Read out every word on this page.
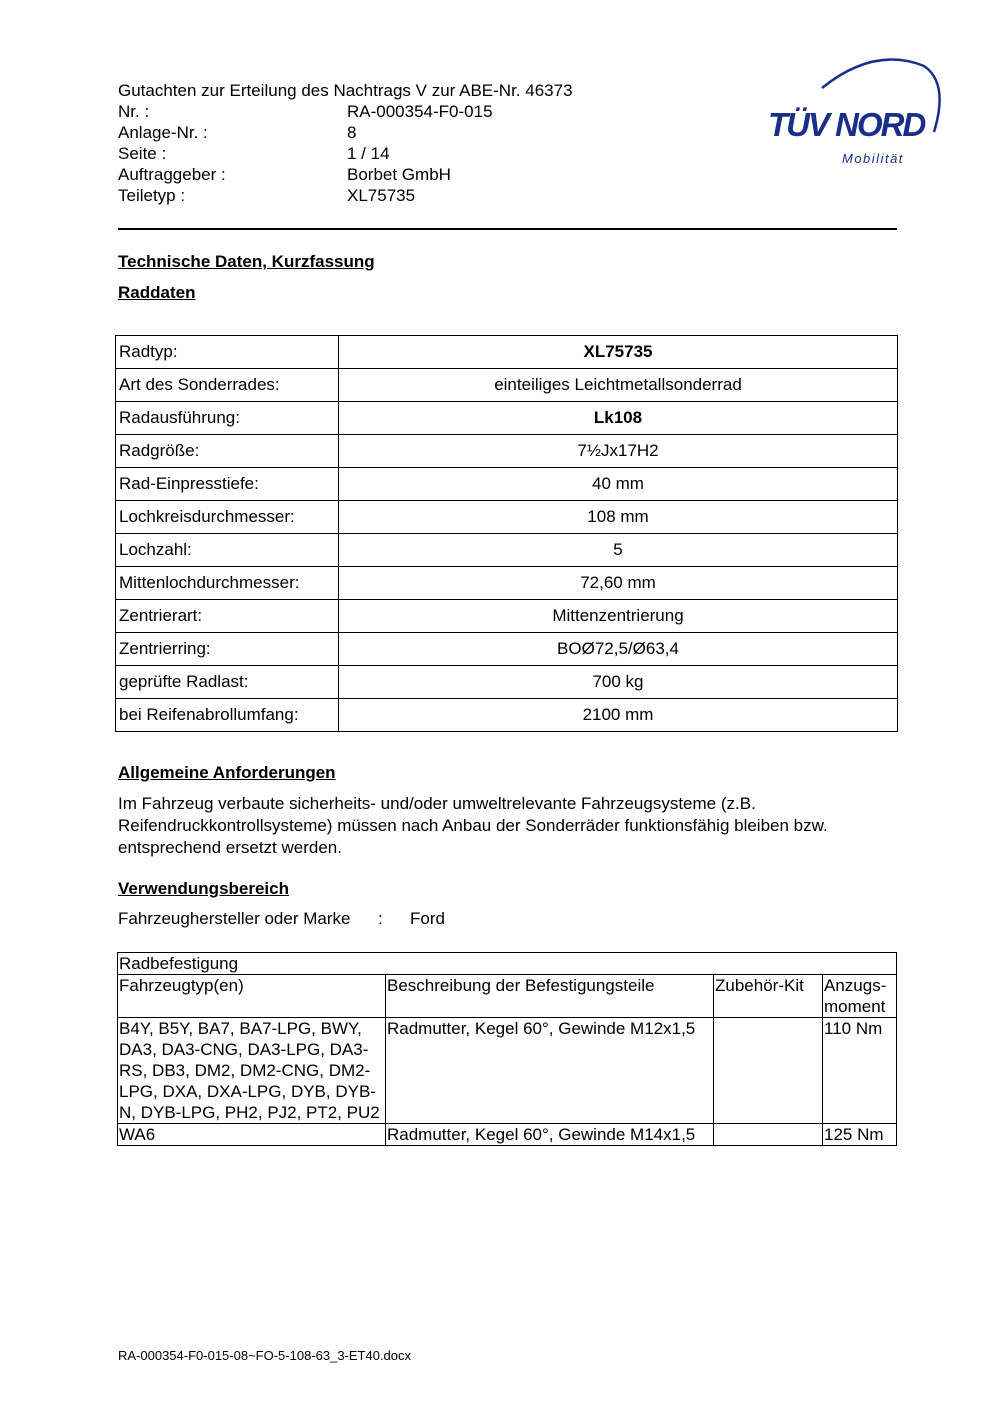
Gutachten zur Erteilung des Nachtrags V zur ABE-Nr. 46373
Nr. :	RA-000354-F0-015
Anlage-Nr. :	8
Seite :	1 / 14
Auftraggeber :	Borbet GmbH
Teiletyp :	XL75735
TÜV NORD
Mobilität
Technische Daten, Kurzfassung
Raddaten
Radtyp:	XL75735
Art des Sonderrades:	einteiliges Leichtmetallsonderrad
Radausführung:	Lk108
Radgröße:	7½Jx17H2
Rad-Einpresstiefe:	40 mm
Lochkreisdurchmesser:	108 mm
Lochzahl:	5
Mittenlochdurchmesser:	72,60 mm
Zentrierart:	Mittenzentrierung
Zentrierring:	BOØ72,5/Ø63,4
geprüfte Radlast:	700 kg
bei Reifenabrollumfang:	2100 mm
Allgemeine Anforderungen
Im Fahrzeug verbaute sicherheits- und/oder umweltrelevante Fahrzeugsysteme (z.B. Reifendruckkontrollsysteme) müssen nach Anbau der Sonderräder funktionsfähig bleiben bzw. entsprechend ersetzt werden.
Verwendungsbereich
Fahrzeughersteller oder Marke	:	Ford
Radbefestigung			
Fahrzeugtyp(en)	Beschreibung der Befestigungsteile	Zubehör-Kit	Anzugs-moment
B4Y, B5Y, BA7, BA7-LPG, BWY, DA3, DA3-CNG, DA3-LPG, DA3-RS, DB3, DM2, DM2-CNG, DM2-LPG, DXA, DXA-LPG, DYB, DYB-N, DYB-LPG, PH2, PJ2, PT2, PU2	Radmutter, Kegel 60°, Gewinde M12x1,5		110 Nm
WA6	Radmutter, Kegel 60°, Gewinde M14x1,5		125 Nm
RA-000354-F0-015-08~FO-5-108-63_3-ET40.docx
